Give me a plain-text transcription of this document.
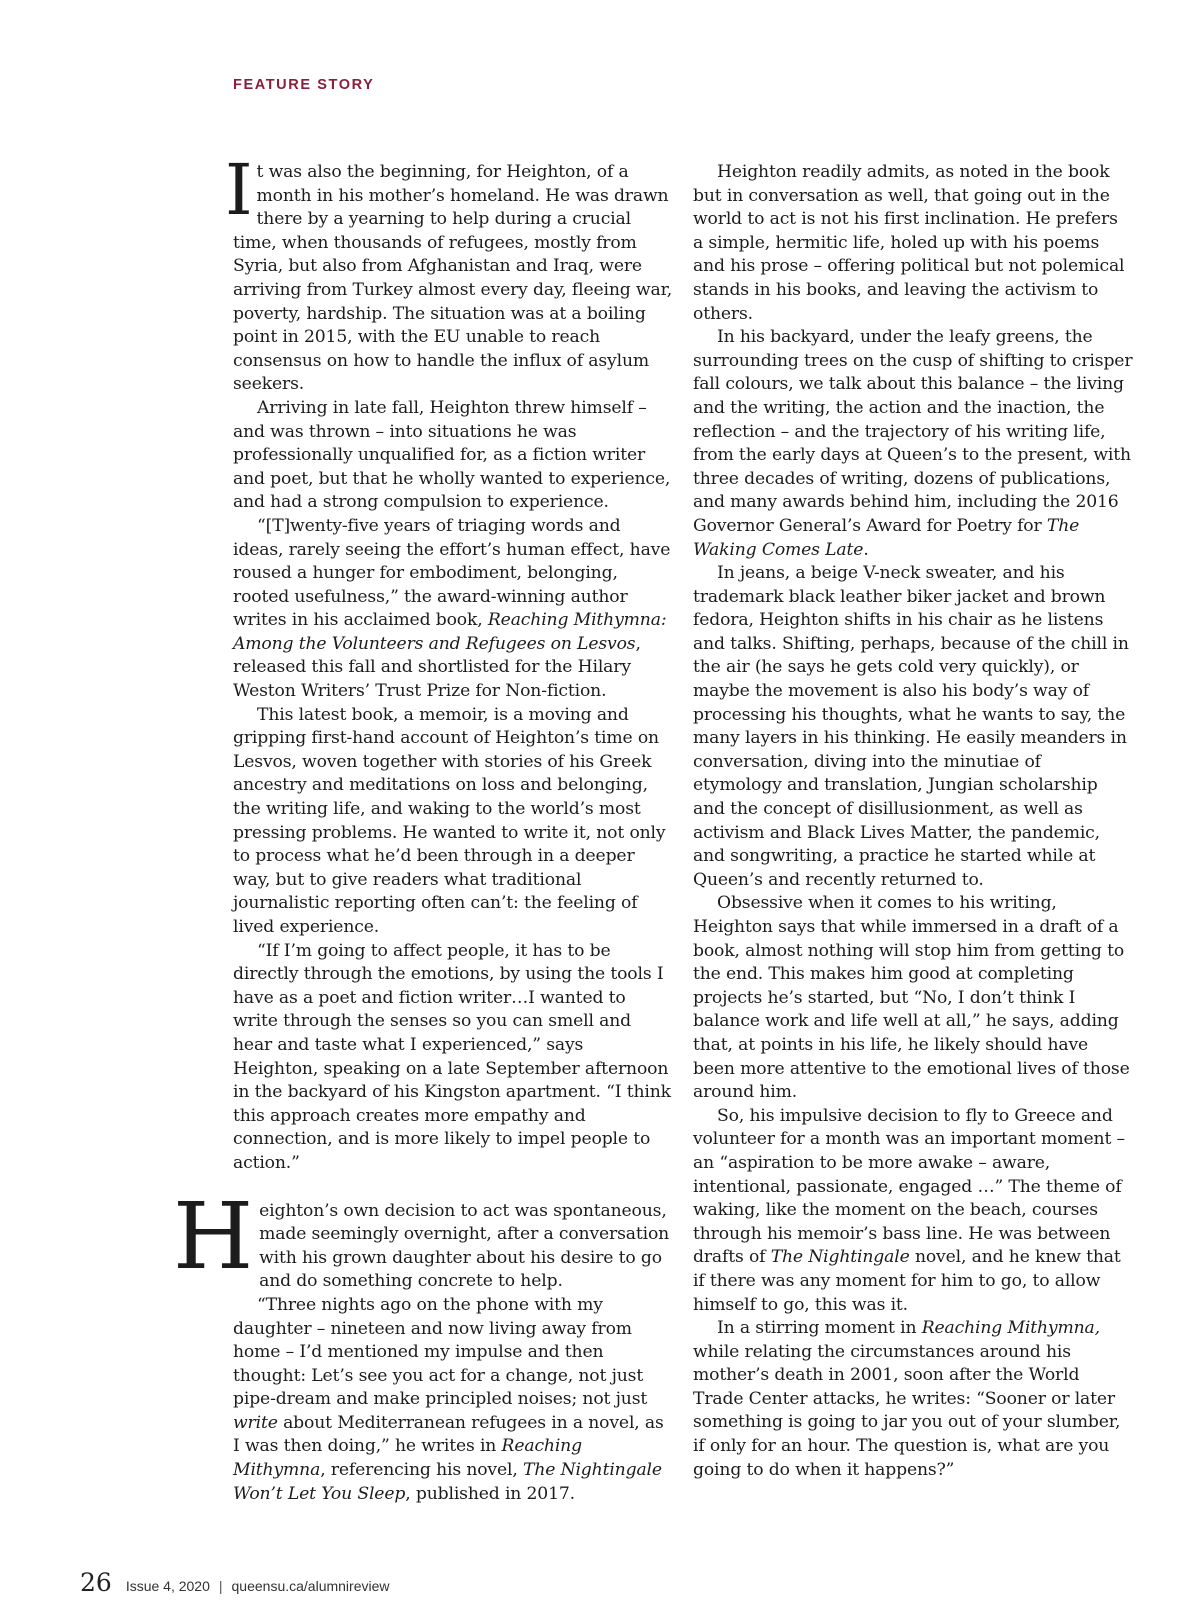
FEATURE STORY

It was also the beginning, for Heighton, of a month in his mother’s homeland. He was drawn there by a yearning to help during a crucial time, when thousands of refugees, mostly from Syria, but also from Afghanistan and Iraq, were arriving from Turkey almost every day, fleeing war, poverty, hardship. The situation was at a boiling point in 2015, with the EU unable to reach consensus on how to handle the influx of asylum seekers.

Arriving in late fall, Heighton threw himself – and was thrown – into situations he was professionally unqualified for, as a fiction writer and poet, but that he wholly wanted to experience, and had a strong compulsion to experience.

“[T]wenty-five years of triaging words and ideas, rarely seeing the effort’s human effect, have roused a hunger for embodiment, belonging, rooted usefulness,” the award-winning author writes in his acclaimed book, Reaching Mithymna: Among the Volunteers and Refugees on Lesvos, released this fall and shortlisted for the Hilary Weston Writers’ Trust Prize for Non-fiction.

This latest book, a memoir, is a moving and gripping first-hand account of Heighton’s time on Lesvos, woven together with stories of his Greek ancestry and meditations on loss and belonging, the writing life, and waking to the world’s most pressing problems. He wanted to write it, not only to process what he’d been through in a deeper way, but to give readers what traditional journalistic reporting often can’t: the feeling of lived experience.

“If I’m going to affect people, it has to be directly through the emotions, by using the tools I have as a poet and fiction writer…I wanted to write through the senses so you can smell and hear and taste what I experienced,” says Heighton, speaking on a late September afternoon in the backyard of his Kingston apartment. “I think this approach creates more empathy and connection, and is more likely to impel people to action.”

Heighton’s own decision to act was spontaneous, made seemingly overnight, after a conversation with his grown daughter about his desire to go and do something concrete to help.

“Three nights ago on the phone with my daughter – nineteen and now living away from home – I’d mentioned my impulse and then thought: Let’s see you act for a change, not just pipe-dream and make principled noises; not just write about Mediterranean refugees in a novel, as I was then doing,” he writes in Reaching Mithymna, referencing his novel, The Nightingale Won’t Let You Sleep, published in 2017.

Heighton readily admits, as noted in the book but in conversation as well, that going out in the world to act is not his first inclination. He prefers a simple, hermitic life, holed up with his poems and his prose – offering political but not polemical stands in his books, and leaving the activism to others.

In his backyard, under the leafy greens, the surrounding trees on the cusp of shifting to crisper fall colours, we talk about this balance – the living and the writing, the action and the inaction, the reflection – and the trajectory of his writing life, from the early days at Queen’s to the present, with three decades of writing, dozens of publications, and many awards behind him, including the 2016 Governor General’s Award for Poetry for The Waking Comes Late.

In jeans, a beige V-neck sweater, and his trademark black leather biker jacket and brown fedora, Heighton shifts in his chair as he listens and talks. Shifting, perhaps, because of the chill in the air (he says he gets cold very quickly), or maybe the movement is also his body’s way of processing his thoughts, what he wants to say, the many layers in his thinking. He easily meanders in conversation, diving into the minutiae of etymology and translation, Jungian scholarship and the concept of disillusionment, as well as activism and Black Lives Matter, the pandemic, and songwriting, a practice he started while at Queen’s and recently returned to.

Obsessive when it comes to his writing, Heighton says that while immersed in a draft of a book, almost nothing will stop him from getting to the end. This makes him good at completing projects he’s started, but “No, I don’t think I balance work and life well at all,” he says, adding that, at points in his life, he likely should have been more attentive to the emotional lives of those around him.

So, his impulsive decision to fly to Greece and volunteer for a month was an important moment – an “aspiration to be more awake – aware, intentional, passionate, engaged …” The theme of waking, like the moment on the beach, courses through his memoir’s bass line. He was between drafts of The Nightingale novel, and he knew that if there was any moment for him to go, to allow himself to go, this was it.

In a stirring moment in Reaching Mithymna, while relating the circumstances around his mother’s death in 2001, soon after the World Trade Center attacks, he writes: “Sooner or later something is going to jar you out of your slumber, if only for an hour. The question is, what are you going to do when it happens?”

26 Issue 4, 2020 | queensu.ca/alumnireview
